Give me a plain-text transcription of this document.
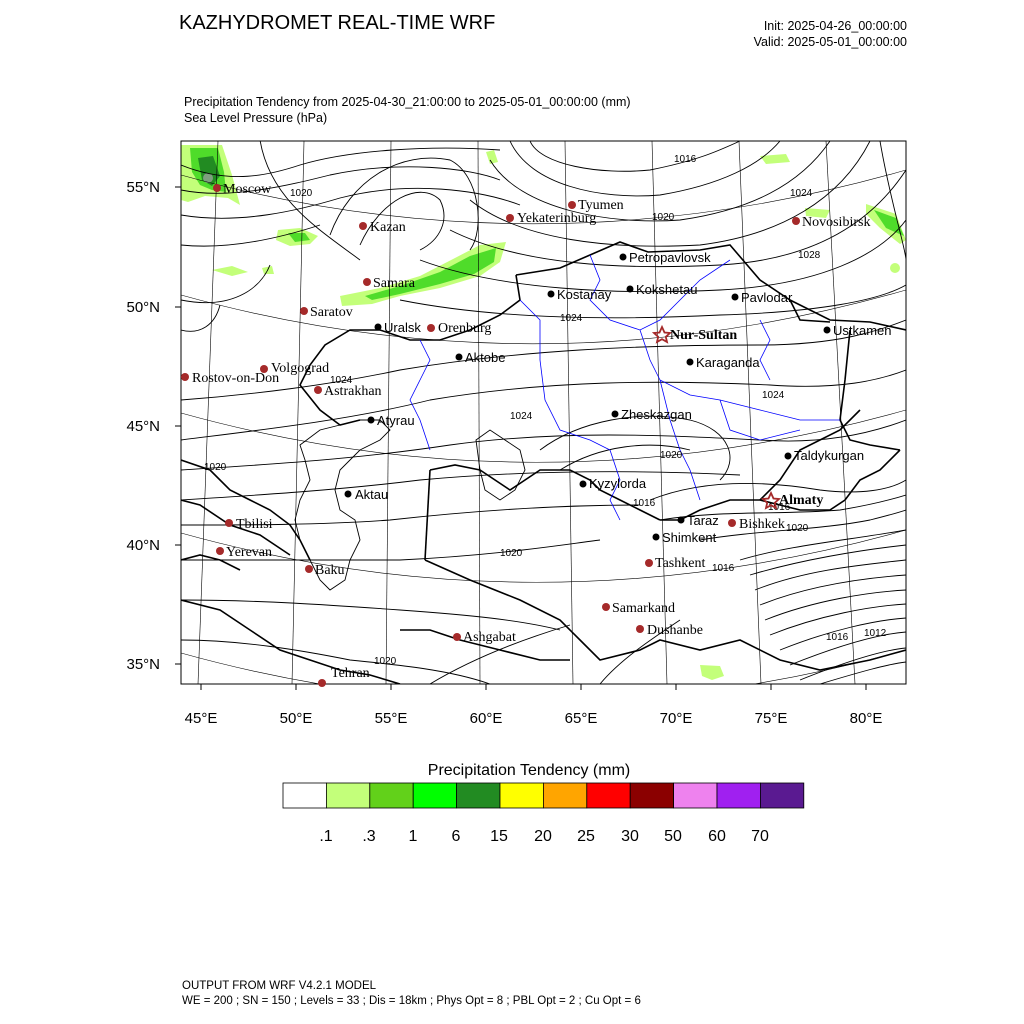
KAZHYDROMET REAL-TIME WRF	Init: 2025-04-26_00:00:00
Valid: 2025-05-01_00:00:00
Precipitation Tendency from 2025-04-30_21:00:00 to 2025-05-01_00:00:00 (mm)
Sea Level Pressure (hPa)
55°N
50°N
45°N
40°N
35°N
45°E	50°E	55°E	60°E	65°E	70°E	75°E	80°E
1016
1020
1020
1024
1028
1024
1024
1024
1024
1020
1020
1020
1016
1020
1016
1016 1012
1020
1016
Moscow
Kazan
Samara
Saratov
Volgograd
Rostov-on-Don
Astrakhan
Orenburg
Yekaterinburg
Tyumen
Novosibirsk
Tbilisi
Yerevan
Baku
Ashgabat
Tehran
Tashkent
Bishkek
Samarkand
Dushanbe
Petropavlovsk
Kokshetau
Kostanay	Pavlodar
Uralsk
Aktobe
Ustkamen
Karaganda
Atyrau	Zheskazgan
Taldykurgan
Kyzylorda
Aktau
Taraz
Shimkent
Nur-Sultan
Almaty
Precipitation Tendency (mm)
.1 .3 1 6 15 20 25 30 50 60 70
OUTPUT FROM WRF V4.2.1 MODEL
WE = 200 ; SN = 150 ; Levels = 33 ; Dis = 18km ; Phys Opt = 8 ; PBL Opt = 2 ; Cu Opt = 6
